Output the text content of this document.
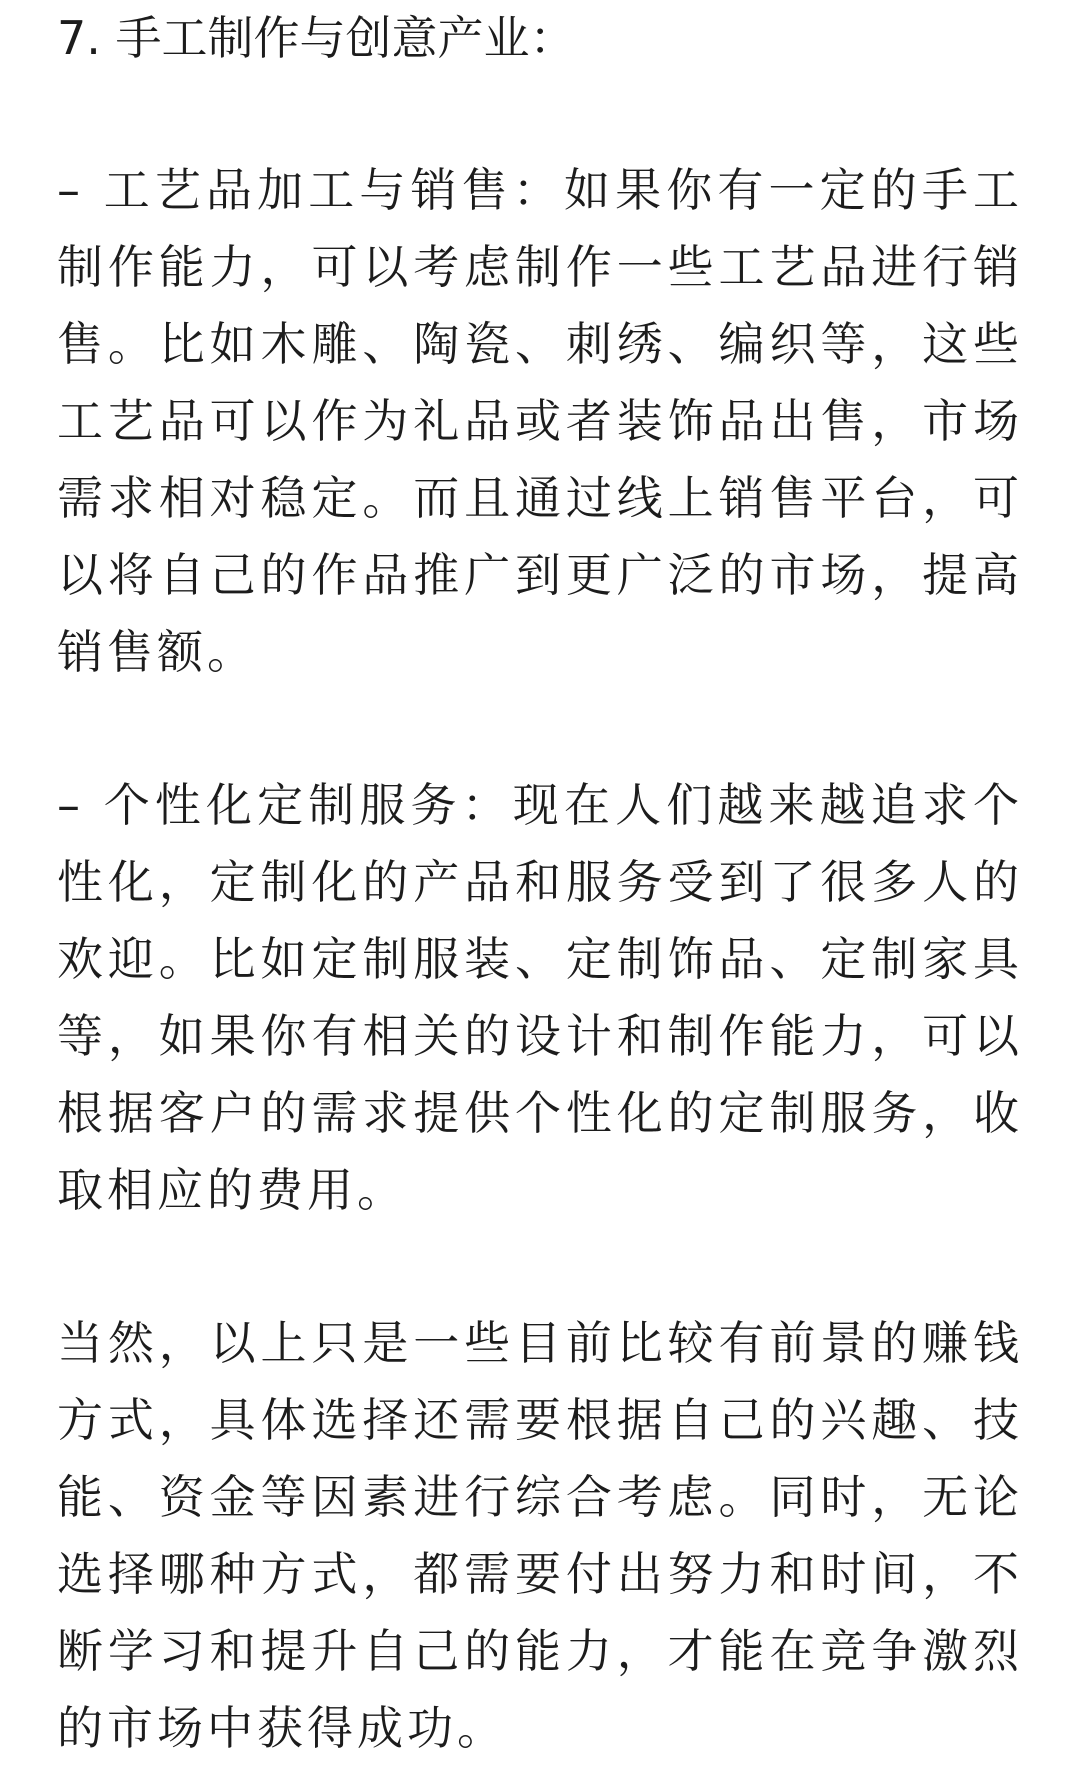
7. 手工制作与创意产业：

– 工艺品加工与销售：如果你有一定的手工制作能力，可以考虑制作一些工艺品进行销售。比如木雕、陶瓷、刺绣、编织等，这些工艺品可以作为礼品或者装饰品出售，市场需求相对稳定。而且通过线上销售平台，可以将自己的作品推广到更广泛的市场，提高销售额。

– 个性化定制服务：现在人们越来越追求个性化，定制化的产品和服务受到了很多人的欢迎。比如定制服装、定制饰品、定制家具等，如果你有相关的设计和制作能力，可以根据客户的需求提供个性化的定制服务，收取相应的费用。

当然，以上只是一些目前比较有前景的赚钱方式，具体选择还需要根据自己的兴趣、技能、资金等因素进行综合考虑。同时，无论选择哪种方式，都需要付出努力和时间，不断学习和提升自己的能力，才能在竞争激烈的市场中获得成功。
